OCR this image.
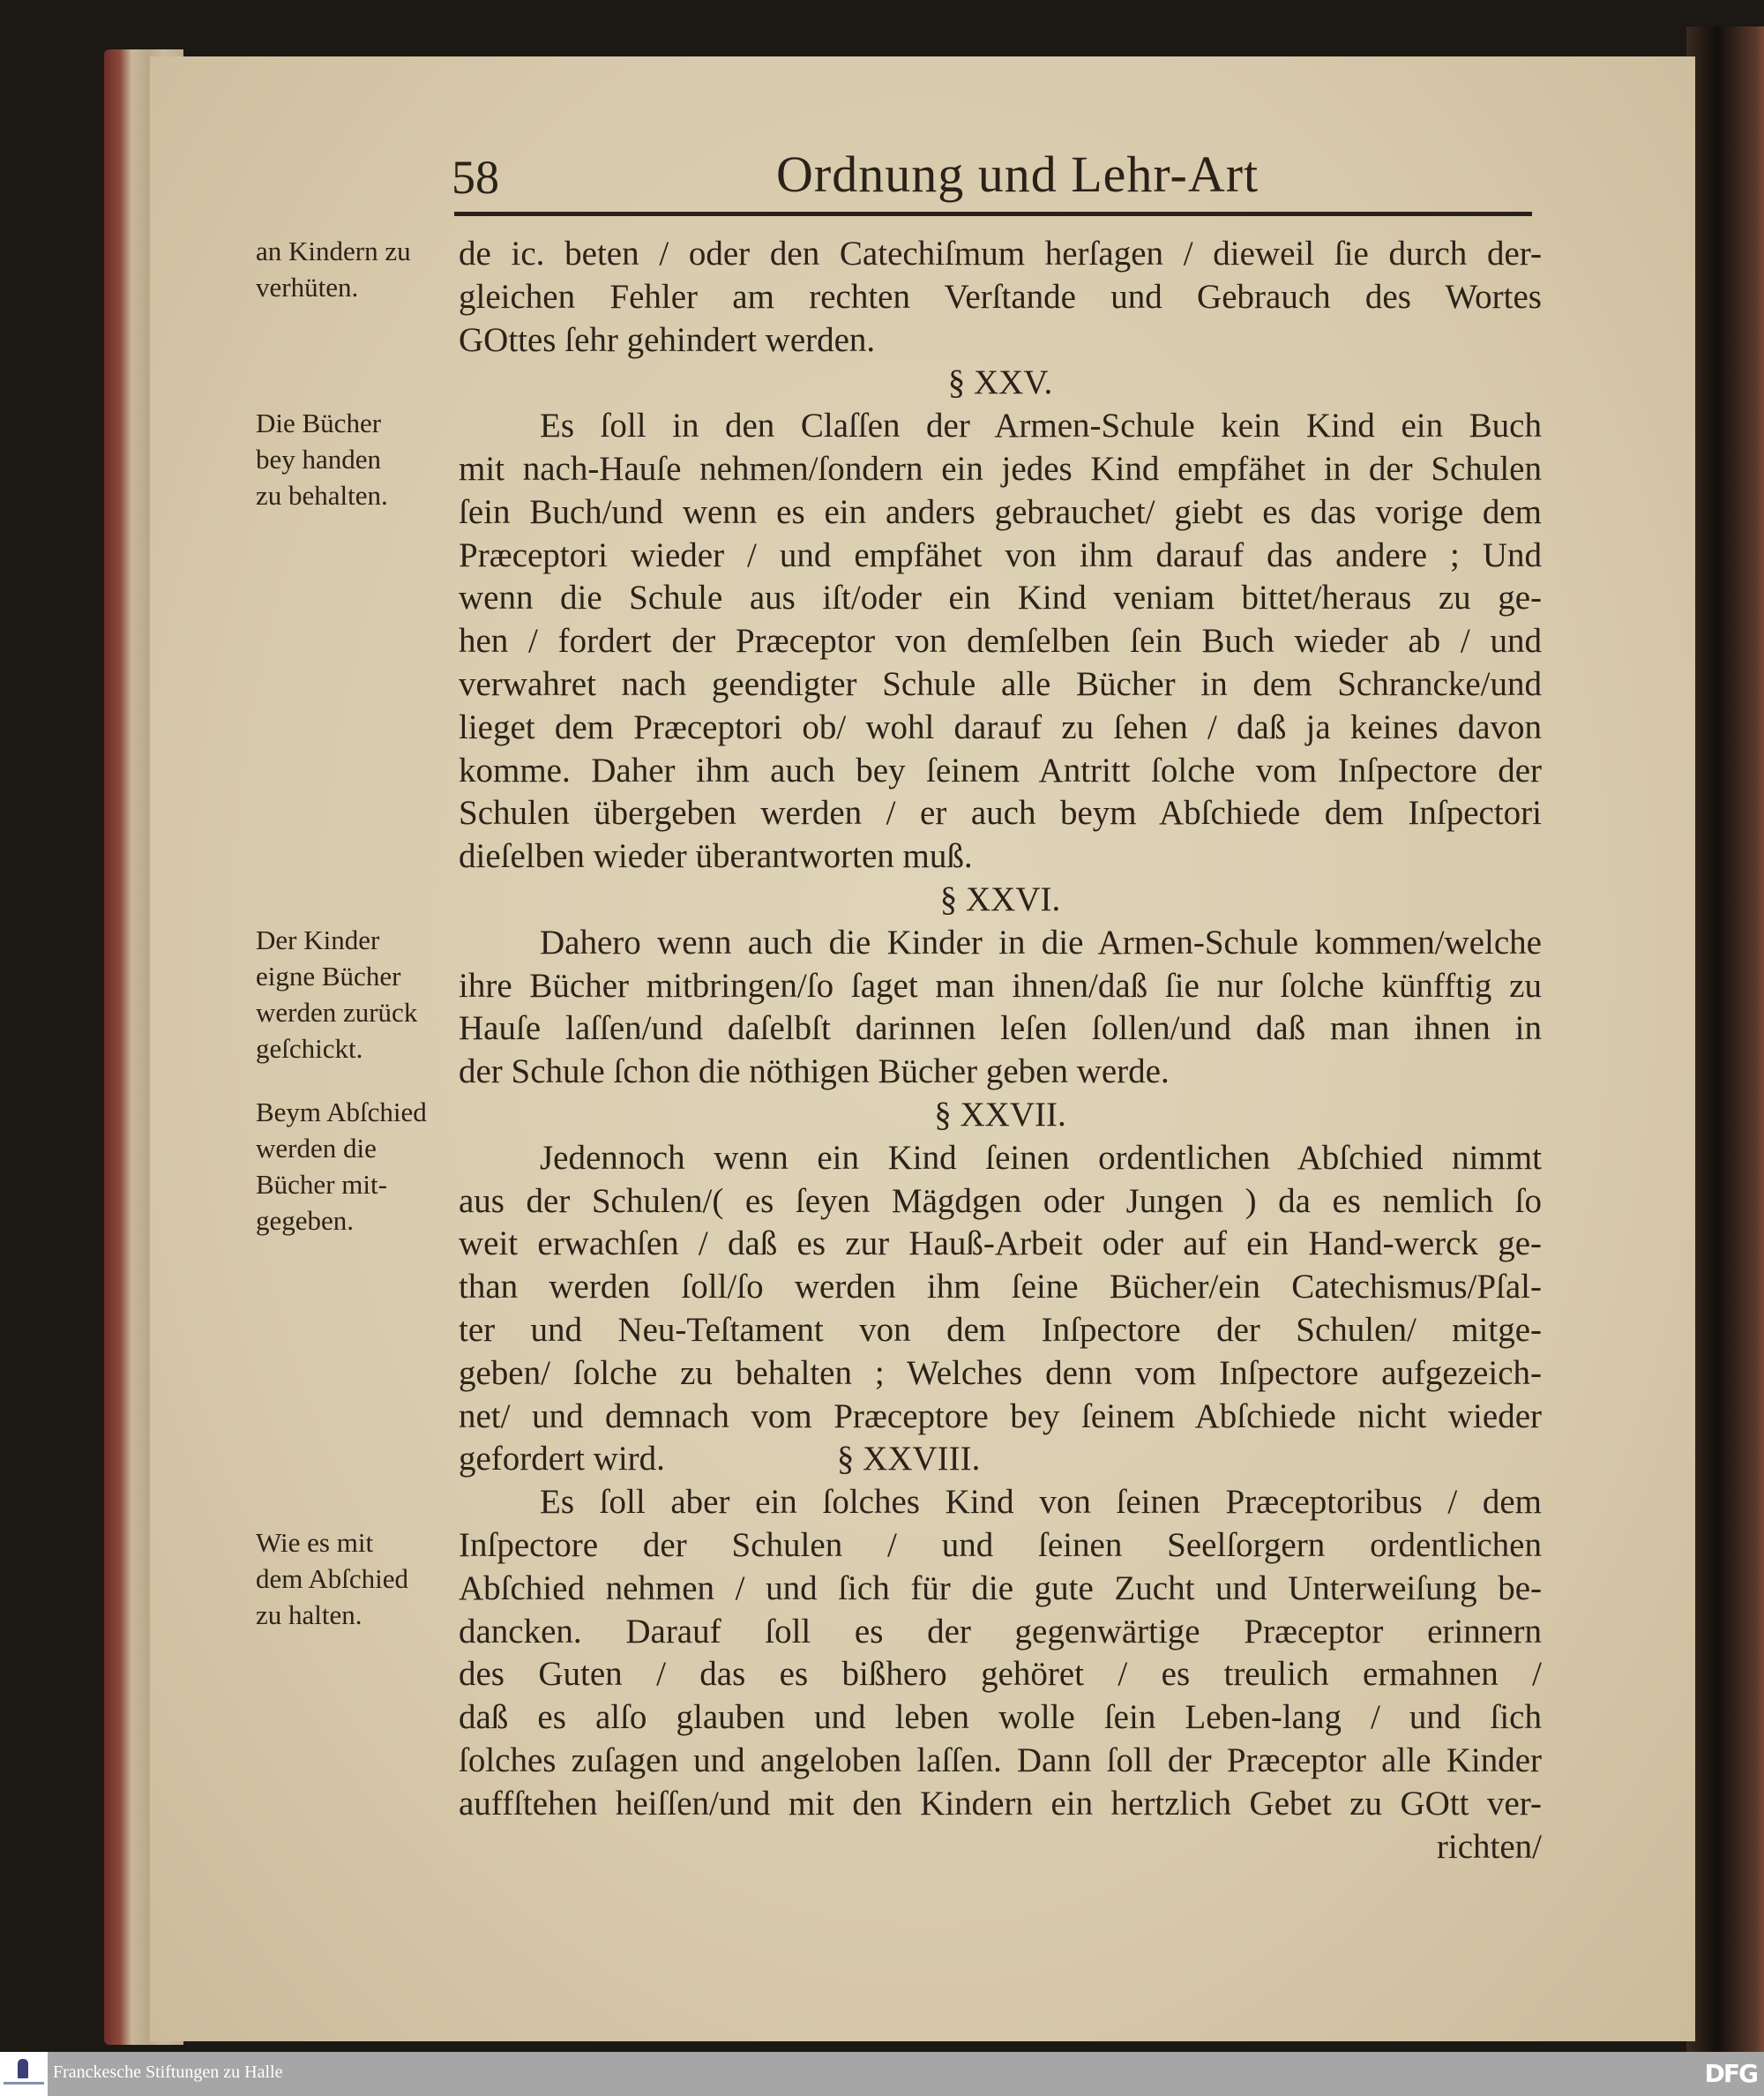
58	Ordnung und Lehr-Art
de ic. beten / oder den Catechiſmum herſagen / dieweil ſie durch der-
gleichen Fehler am rechten Verſtande und Gebrauch des Wortes
GOttes ſehr gehindert werden.
§ XXV.
Es ſoll in den Claſſen der Armen-Schule kein Kind ein Buch
mit nach-Hauſe nehmen/ſondern ein jedes Kind empfähet in der Schulen
ſein Buch/und wenn es ein anders gebrauchet/ giebt es das vorige dem
Præceptori wieder / und empfähet von ihm darauf das andere ; Und
wenn die Schule aus iſt/oder ein Kind veniam bittet/heraus zu ge-
hen / fordert der Præceptor von demſelben ſein Buch wieder ab / und
verwahret nach geendigter Schule alle Bücher in dem Schrancke/und
lieget dem Præceptori ob/ wohl darauf zu ſehen / daß ja keines davon
komme. Daher ihm auch bey ſeinem Antritt ſolche vom Inſpectore der
Schulen übergeben werden / er auch beym Abſchiede dem Inſpectori
dieſelben wieder überantworten muß.
§ XXVI.
Dahero wenn auch die Kinder in die Armen-Schule kommen/welche
ihre Bücher mitbringen/ſo ſaget man ihnen/daß ſie nur ſolche künfftig zu
Hauſe laſſen/und daſelbſt darinnen leſen ſollen/und daß man ihnen in
der Schule ſchon die nöthigen Bücher geben werde.
§ XXVII.
Jedennoch wenn ein Kind ſeinen ordentlichen Abſchied nimmt
aus der Schulen/( es ſeyen Mägdgen oder Jungen ) da es nemlich ſo
weit erwachſen / daß es zur Hauß-Arbeit oder auf ein Hand-werck ge-
than werden ſoll/ſo werden ihm ſeine Bücher/ein Catechismus/Pſal-
ter und Neu-Teſtament von dem Inſpectore der Schulen/ mitge-
geben/ ſolche zu behalten ; Welches denn vom Inſpectore aufgezeich-
net/ und demnach vom Præceptore bey ſeinem Abſchiede nicht wieder
gefordert wird.                    § XXVIII.
Es ſoll aber ein ſolches Kind von ſeinen Præceptoribus / dem
Inſpectore der Schulen / und ſeinen Seelſorgern ordentlichen
Abſchied nehmen / und ſich für die gute Zucht und Unterweiſung be-
dancken. Darauf ſoll es der gegenwärtige Præceptor erinnern
des Guten / das es bißhero gehöret / es treulich ermahnen /
daß es alſo glauben und leben wolle ſein Leben-lang / und ſich
ſolches zuſagen und angeloben laſſen. Dann ſoll der Præceptor alle Kinder
auffſtehen heiſſen/und mit den Kindern ein hertzlich Gebet zu GOtt ver-
richten/
an Kindern zu
verhüten.
Die Bücher
bey handen
zu behalten.
Der Kinder
eigne Bücher
werden zurück
geſchickt.
Beym Abſchied
werden die
Bücher mit-
gegeben.
Wie es mit
dem Abſchied
zu halten.
Franckesche Stiftungen zu Halle	DFG
